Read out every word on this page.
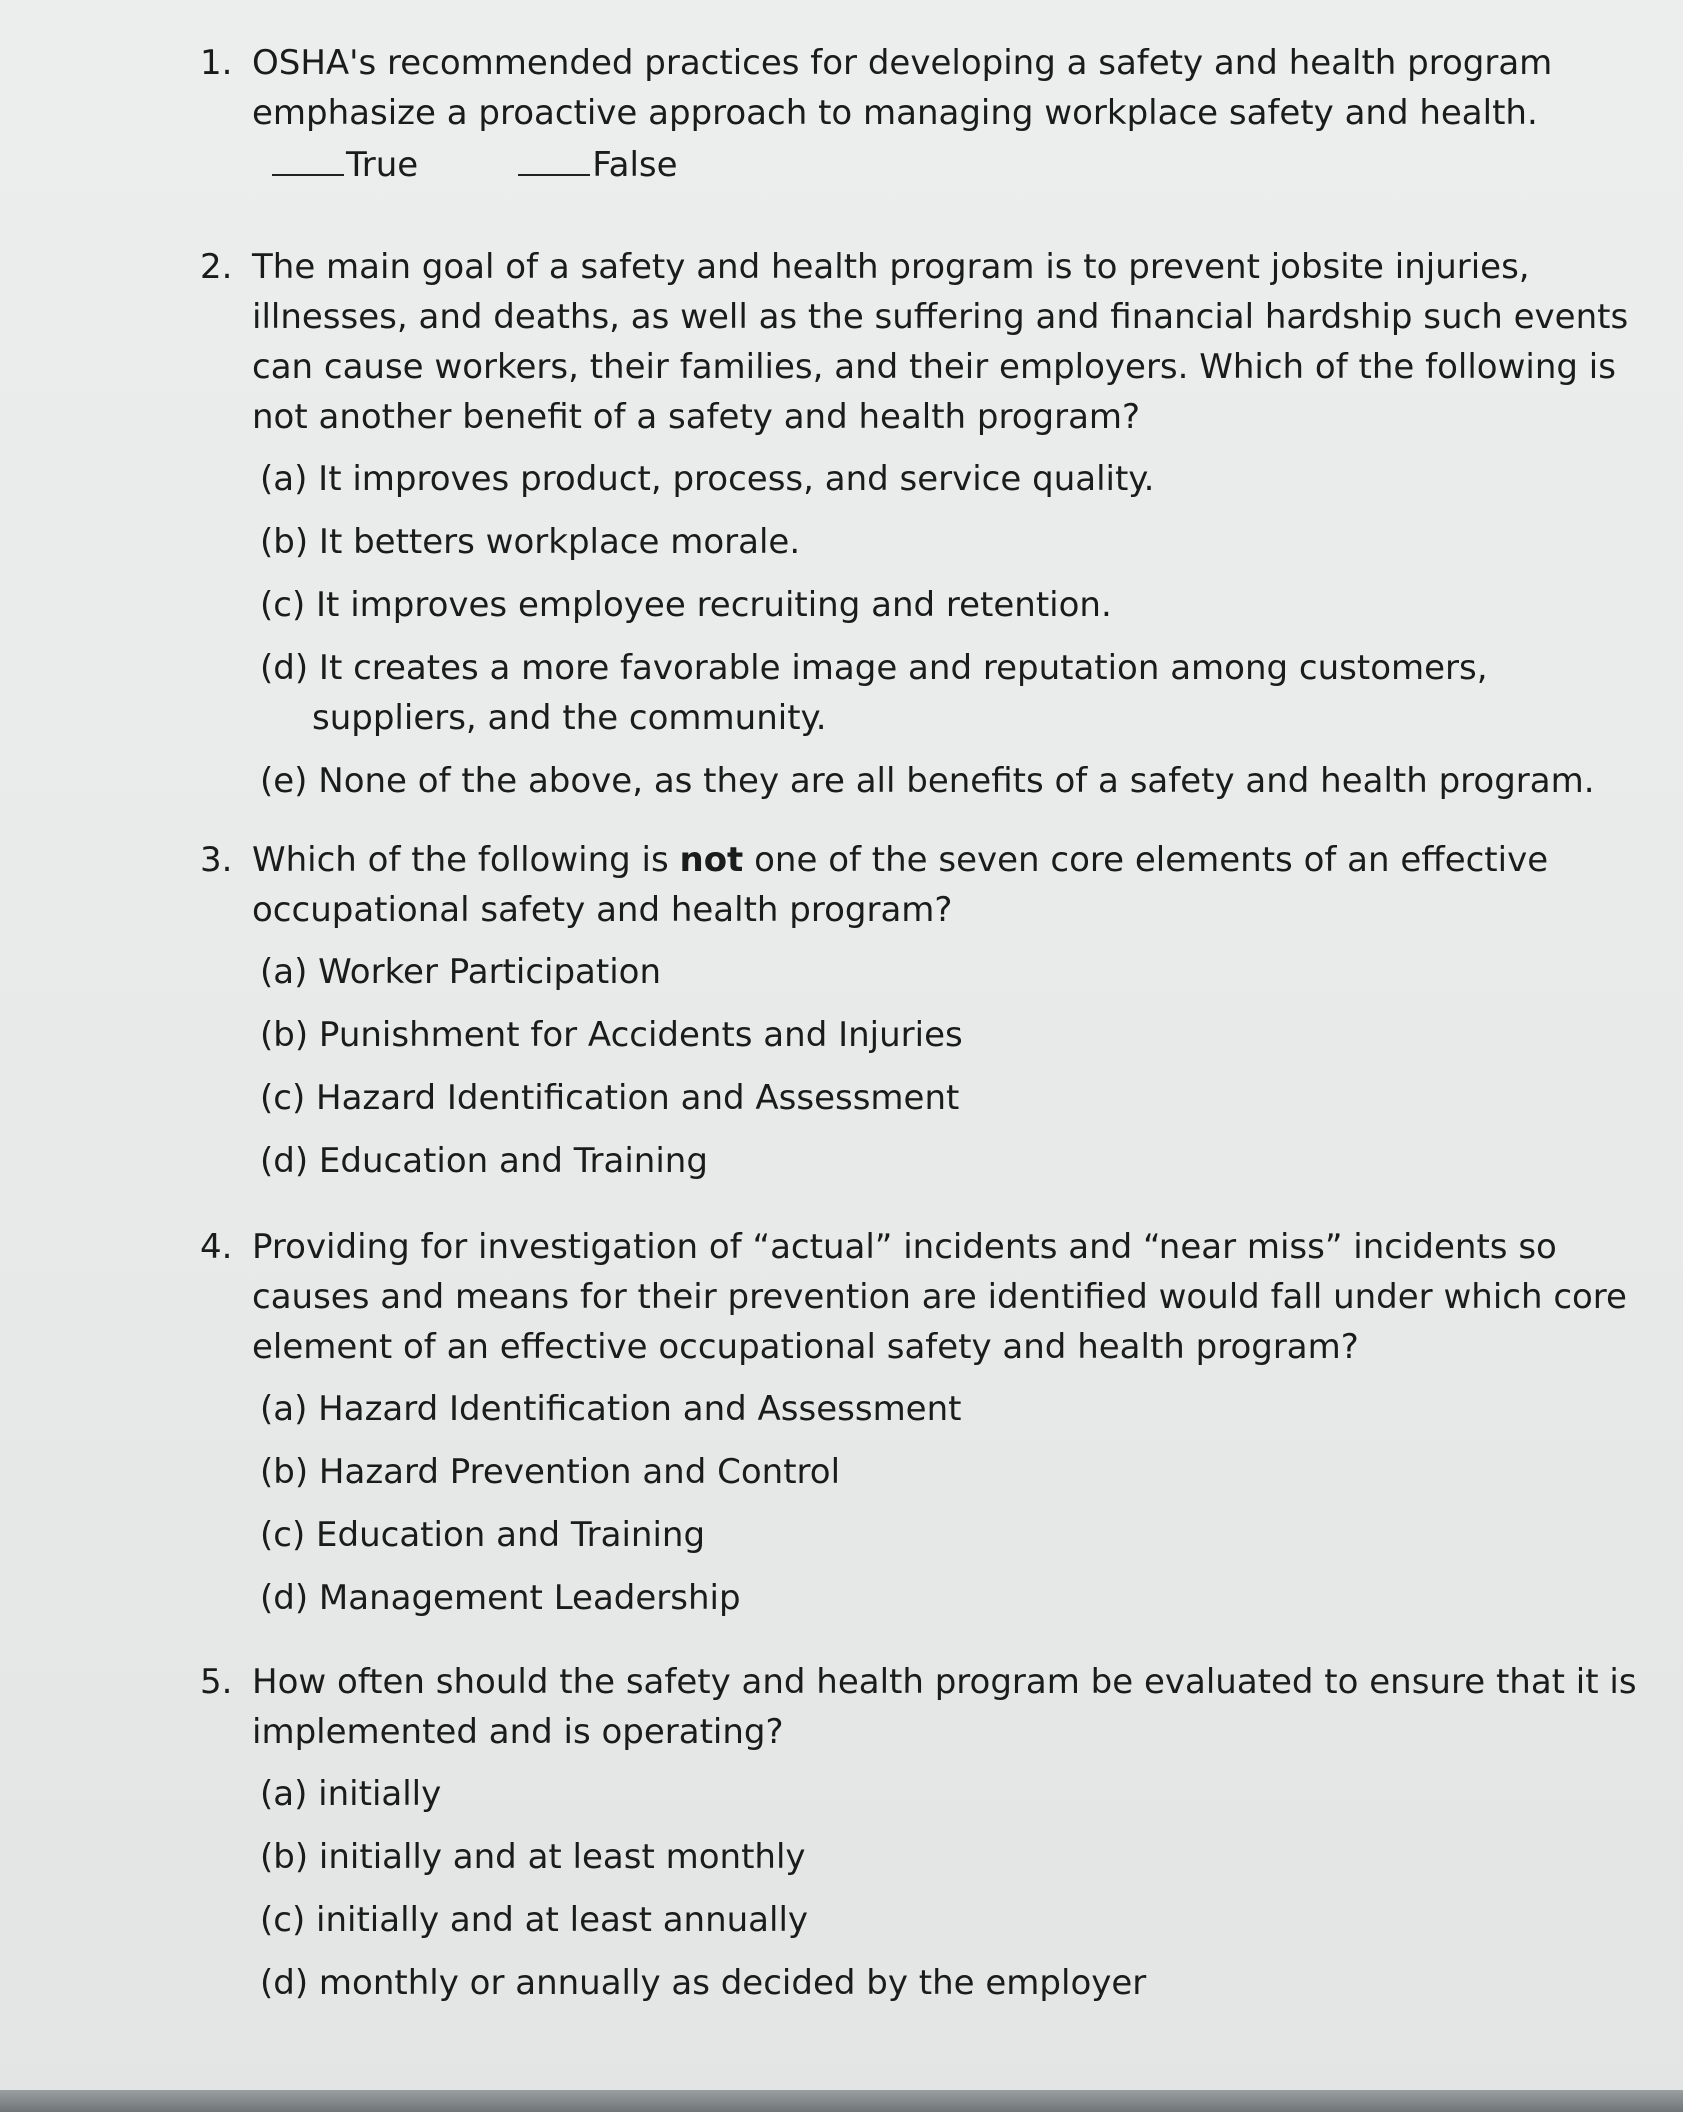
1. OSHA's recommended practices for developing a safety and health program emphasize a proactive approach to managing workplace safety and health.
True	False
2. The main goal of a safety and health program is to prevent jobsite injuries, illnesses, and deaths, as well as the suffering and financial hardship such events can cause workers, their families, and their employers. Which of the following is not another benefit of a safety and health program?
(a) It improves product, process, and service quality.
(b) It betters workplace morale.
(c) It improves employee recruiting and retention.
(d) It creates a more favorable image and reputation among customers, suppliers, and the community.
(e) None of the above, as they are all benefits of a safety and health program.
3. Which of the following is not one of the seven core elements of an effective occupational safety and health program?
(a) Worker Participation
(b) Punishment for Accidents and Injuries
(c) Hazard Identification and Assessment
(d) Education and Training
4. Providing for investigation of “actual” incidents and “near miss” incidents so causes and means for their prevention are identified would fall under which core element of an effective occupational safety and health program?
(a) Hazard Identification and Assessment
(b) Hazard Prevention and Control
(c) Education and Training
(d) Management Leadership
5. How often should the safety and health program be evaluated to ensure that it is implemented and is operating?
(a) initially
(b) initially and at least monthly
(c) initially and at least annually
(d) monthly or annually as decided by the employer
